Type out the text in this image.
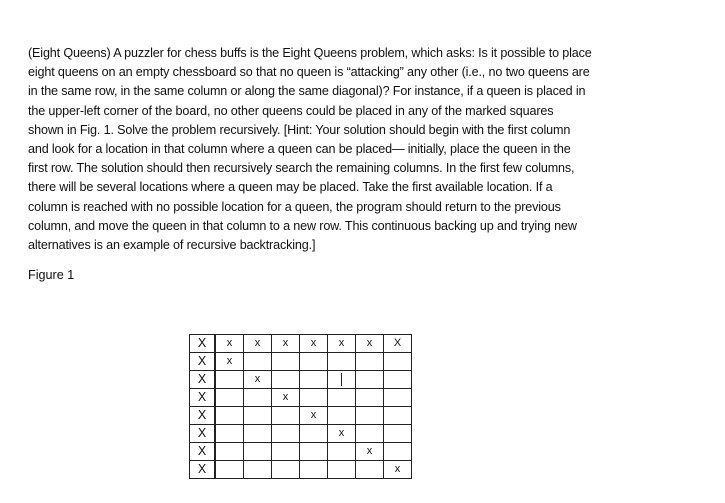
(Eight Queens) A puzzler for chess buffs is the Eight Queens problem, which asks: Is it possible to place
eight queens on an empty chessboard so that no queen is “attacking” any other (i.e., no two queens are
in the same row, in the same column or along the same diagonal)? For instance, if a queen is placed in
the upper-left corner of the board, no other queens could be placed in any of the marked squares
shown in Fig. 1. Solve the problem recursively. [Hint: Your solution should begin with the first column
and look for a location in that column where a queen can be placed— initially, place the queen in the
first row. The solution should then recursively search the remaining columns. In the first few columns,
there will be several locations where a queen may be placed. Take the first available location. If a
column is reached with no possible location for a queen, the program should return to the previous
column, and move the queen in that column to a new row. This continuous backing up and trying new
alternatives is an example of recursive backtracking.]

Figure 1

X	x	x	x	x	x	x	X
X	x						
X		x					
X			x				
X				x			
X					x		
X						x	
X							x
